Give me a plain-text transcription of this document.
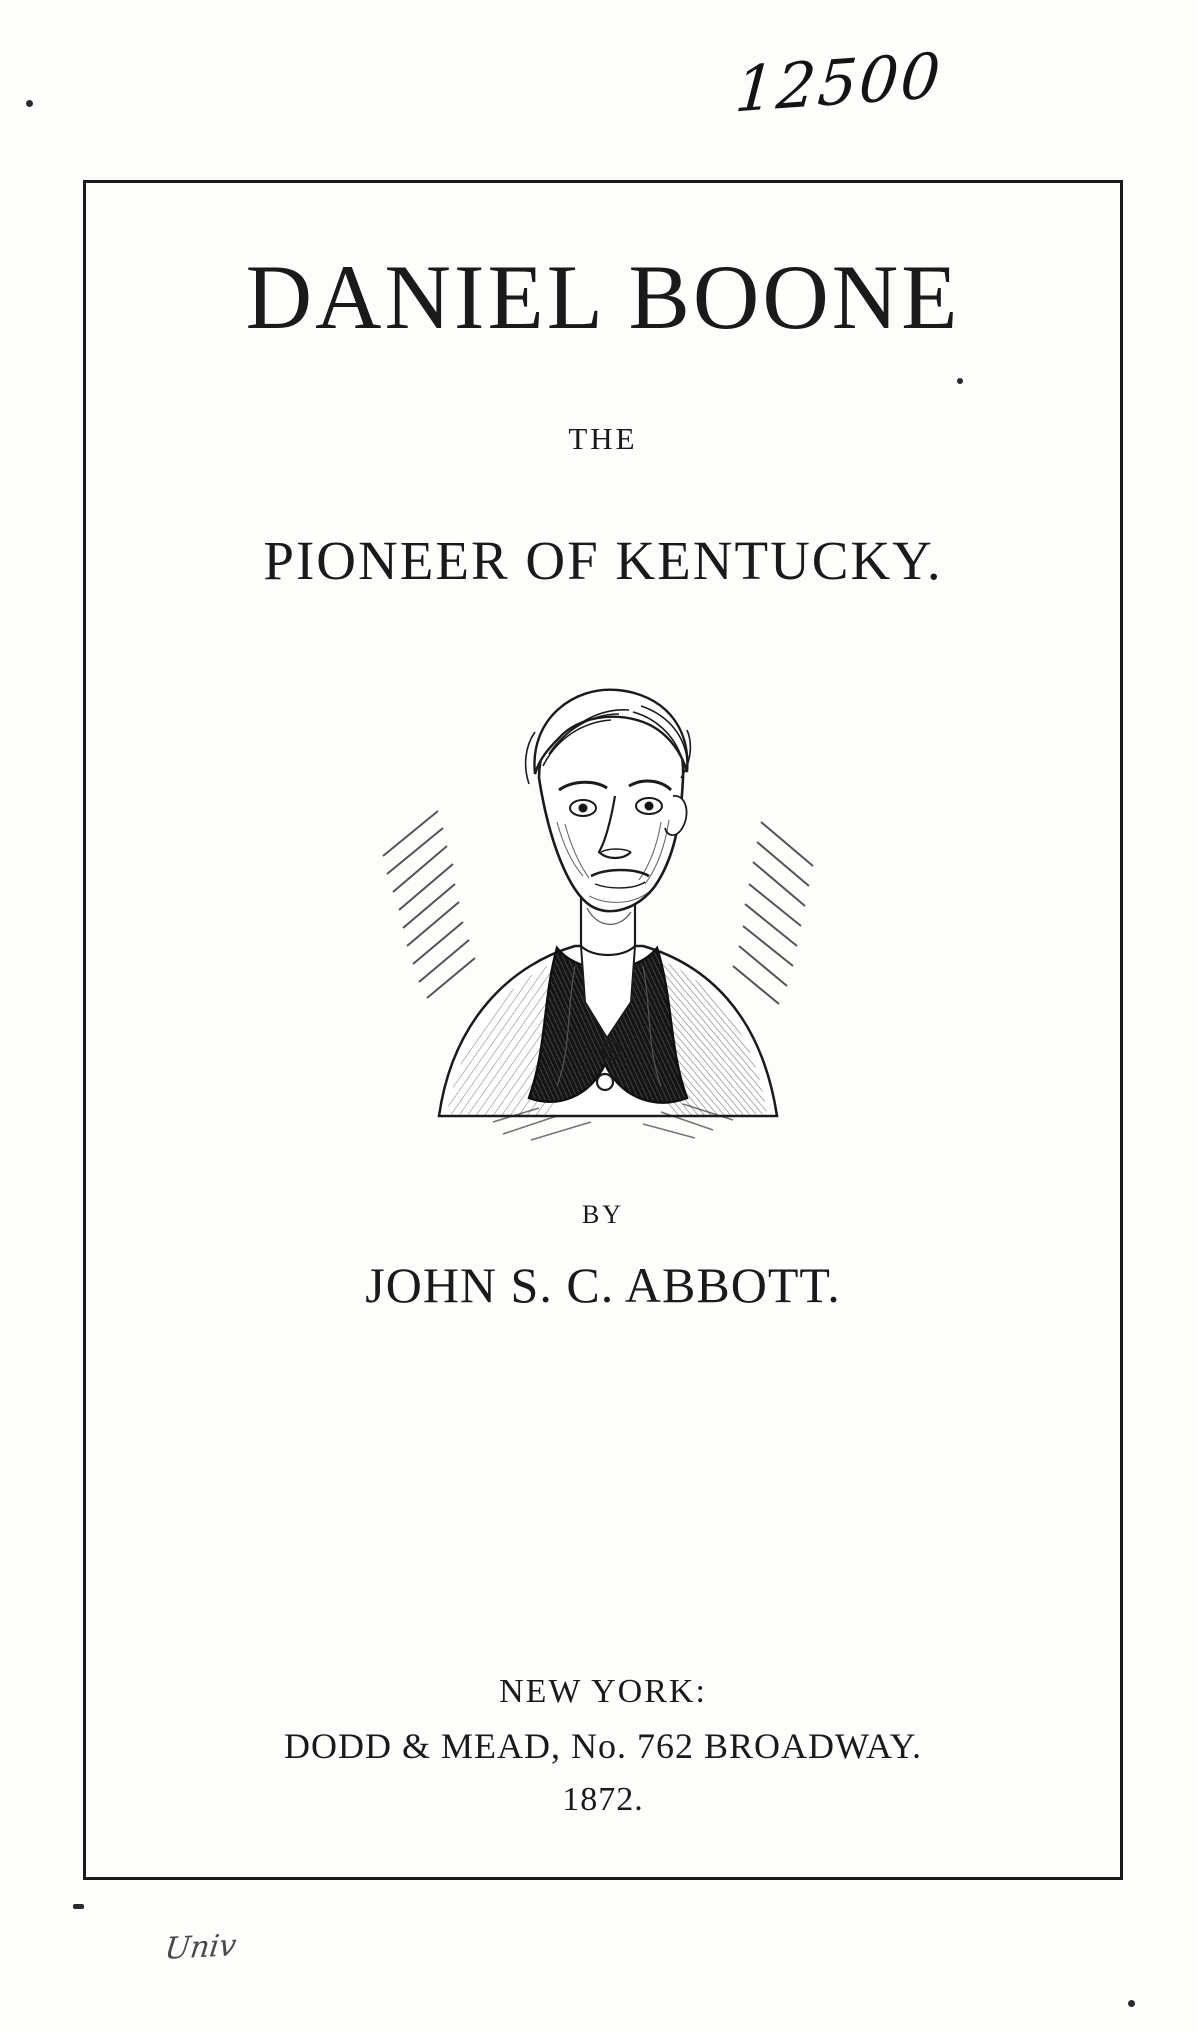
12500
DANIEL BOONE
THE
PIONEER OF KENTUCKY.
BY
JOHN S. C. ABBOTT.
NEW YORK:
DODD & MEAD, No. 762 BROADWAY.
1872.
Univ
